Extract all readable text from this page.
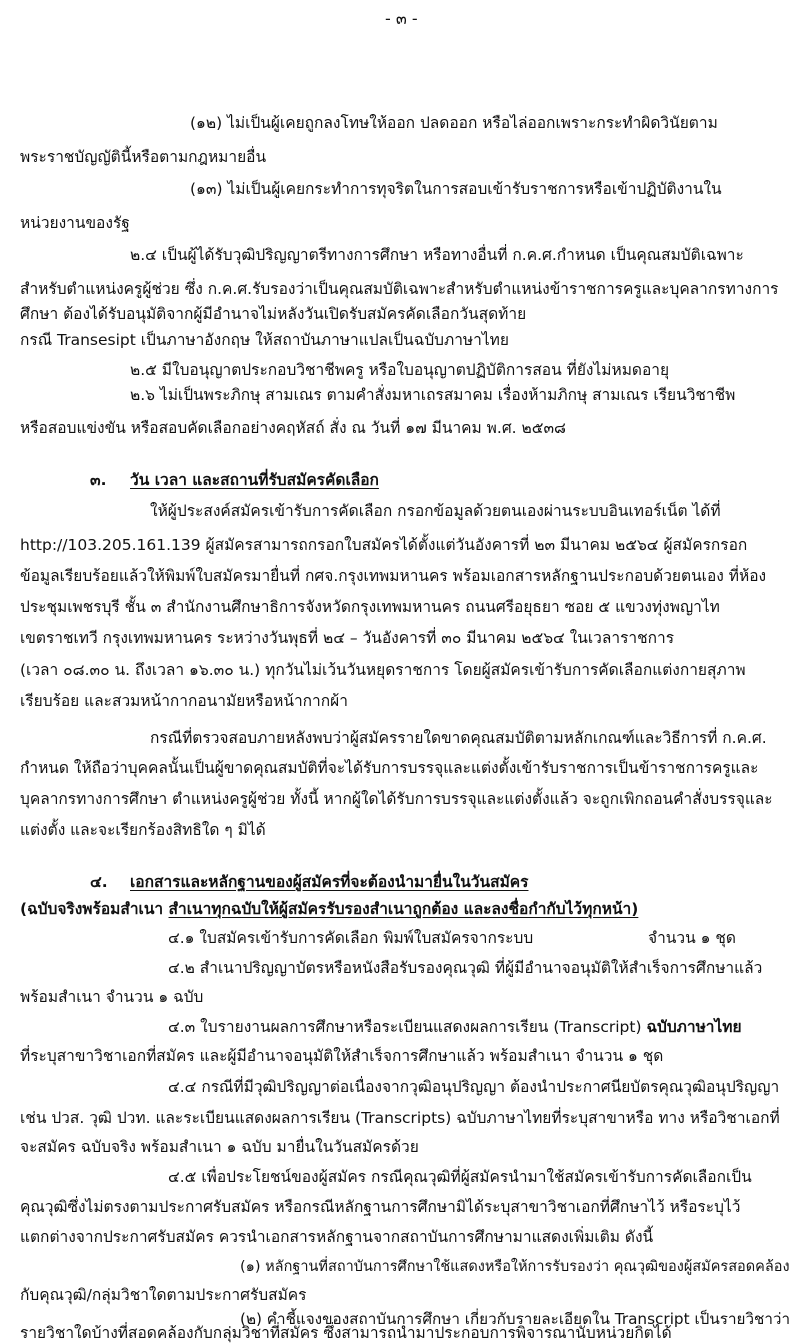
- ๓ -
(๑๒) ไม่เป็นผู้เคยถูกลงโทษให้ออก ปลดออก หรือไล่ออกเพราะกระทำผิดวินัยตาม
พระราชบัญญัตินี้หรือตามกฎหมายอื่น
(๑๓) ไม่เป็นผู้เคยกระทำการทุจริตในการสอบเข้ารับราชการหรือเข้าปฏิบัติงานใน
หน่วยงานของรัฐ
๒.๔ เป็นผู้ได้รับวุฒิปริญญาตรีทางการศึกษา หรือทางอื่นที่ ก.ค.ศ.กำหนด เป็นคุณสมบัติเฉพาะ
สำหรับตำแหน่งครูผู้ช่วย ซึ่ง ก.ค.ศ.รับรองว่าเป็นคุณสมบัติเฉพาะสำหรับตำแหน่งข้าราชการครูและบุคลากรทางการ
ศึกษา ต้องได้รับอนุมัติจากผู้มีอำนาจไม่หลังวันเปิดรับสมัครคัดเลือกวันสุดท้าย
กรณี Transesipt เป็นภาษาอังกฤษ ให้สถาบันภาษาแปลเป็นฉบับภาษาไทย
๒.๕ มีใบอนุญาตประกอบวิชาชีพครู หรือใบอนุญาตปฏิบัติการสอน ที่ยังไม่หมดอายุ
๒.๖ ไม่เป็นพระภิกษุ สามเณร ตามคำสั่งมหาเถรสมาคม เรื่องห้ามภิกษุ สามเณร เรียนวิชาชีพ
หรือสอบแข่งขัน หรือสอบคัดเลือกอย่างคฤหัสถ์ สั่ง ณ วันที่ ๑๗ มีนาคม พ.ศ. ๒๕๓๘
๓. วัน เวลา และสถานที่รับสมัครคัดเลือก
ให้ผู้ประสงค์สมัครเข้ารับการคัดเลือก กรอกข้อมูลด้วยตนเองผ่านระบบอินเทอร์เน็ต ได้ที่
http://103.205.161.139 ผู้สมัครสามารถกรอกใบสมัครได้ตั้งแต่วันอังคารที่ ๒๓ มีนาคม ๒๕๖๔ ผู้สมัครกรอก
ข้อมูลเรียบร้อยแล้วให้พิมพ์ใบสมัครมายื่นที่ กศจ.กรุงเทพมหานคร พร้อมเอกสารหลักฐานประกอบด้วยตนเอง ที่ห้อง
ประชุมเพชรบุรี ชั้น ๓ สำนักงานศึกษาธิการจังหวัดกรุงเทพมหานคร ถนนศรีอยุธยา ซอย ๕ แขวงทุ่งพญาไท
เขตราชเทวี กรุงเทพมหานคร ระหว่างวันพุธที่ ๒๔ – วันอังคารที่ ๓๐ มีนาคม ๒๕๖๔ ในเวลาราชการ
(เวลา ๐๘.๓๐ น. ถึงเวลา ๑๖.๓๐ น.) ทุกวันไม่เว้นวันหยุดราชการ โดยผู้สมัครเข้ารับการคัดเลือกแต่งกายสุภาพ
เรียบร้อย และสวมหน้ากากอนามัยหรือหน้ากากผ้า
กรณีที่ตรวจสอบภายหลังพบว่าผู้สมัครรายใดขาดคุณสมบัติตามหลักเกณฑ์และวิธีการที่ ก.ค.ศ.
กำหนด ให้ถือว่าบุคคลนั้นเป็นผู้ขาดคุณสมบัติที่จะได้รับการบรรจุและแต่งตั้งเข้ารับราชการเป็นข้าราชการครูและ
บุคลากรทางการศึกษา ตำแหน่งครูผู้ช่วย ทั้งนี้ หากผู้ใดได้รับการบรรจุและแต่งตั้งแล้ว จะถูกเพิกถอนคำสั่งบรรจุและ
แต่งตั้ง และจะเรียกร้องสิทธิใด ๆ มิได้
๔. เอกสารและหลักฐานของผู้สมัครที่จะต้องนำมายื่นในวันสมัคร
(ฉบับจริงพร้อมสำเนา สำเนาทุกฉบับให้ผู้สมัครรับรองสำเนาถูกต้อง และลงชื่อกำกับไว้ทุกหน้า)
๔.๑ ใบสมัครเข้ารับการคัดเลือก พิมพ์ใบสมัครจากระบบ	จำนวน ๑ ชุด
๔.๒ สำเนาปริญญาบัตรหรือหนังสือรับรองคุณวุฒิ ที่ผู้มีอำนาจอนุมัติให้สำเร็จการศึกษาแล้ว
พร้อมสำเนา จำนวน ๑ ฉบับ
๔.๓ ใบรายงานผลการศึกษาหรือระเบียนแสดงผลการเรียน (Transcript) ฉบับภาษาไทย
ที่ระบุสาขาวิชาเอกที่สมัคร และผู้มีอำนาจอนุมัติให้สำเร็จการศึกษาแล้ว พร้อมสำเนา จำนวน ๑ ชุด
๔.๔ กรณีที่มีวุฒิปริญญาต่อเนื่องจากวุฒิอนุปริญญา ต้องนำประกาศนียบัตรคุณวุฒิอนุปริญญา
เช่น ปวส. วุฒิ ปวท. และระเบียนแสดงผลการเรียน (Transcripts) ฉบับภาษาไทยที่ระบุสาขาหรือ ทาง หรือวิชาเอกที่
จะสมัคร ฉบับจริง พร้อมสำเนา ๑ ฉบับ มายื่นในวันสมัครด้วย
๔.๕ เพื่อประโยชน์ของผู้สมัคร กรณีคุณวุฒิที่ผู้สมัครนำมาใช้สมัครเข้ารับการคัดเลือกเป็น
คุณวุฒิซึ่งไม่ตรงตามประกาศรับสมัคร หรือกรณีหลักฐานการศึกษามิได้ระบุสาขาวิชาเอกที่ศึกษาไว้ หรือระบุไว้
แตกต่างจากประกาศรับสมัคร ควรนำเอกสารหลักฐานจากสถาบันการศึกษามาแสดงเพิ่มเติม ดังนี้
(๑) หลักฐานที่สถาบันการศึกษาใช้แสดงหรือให้การรับรองว่า คุณวุฒิของผู้สมัครสอดคล้อง
กับคุณวุฒิ/กลุ่มวิชาใดตามประกาศรับสมัคร
(๒) คำชี้แจงของสถาบันการศึกษา เกี่ยวกับรายละเอียดใน Transcript เป็นรายวิชาว่า
รายวิชาใดบ้างที่สอดคล้องกับกลุ่มวิชาที่สมัคร ซึ่งสามารถนำมาประกอบการพิจารณานับหน่วยกิตได้
